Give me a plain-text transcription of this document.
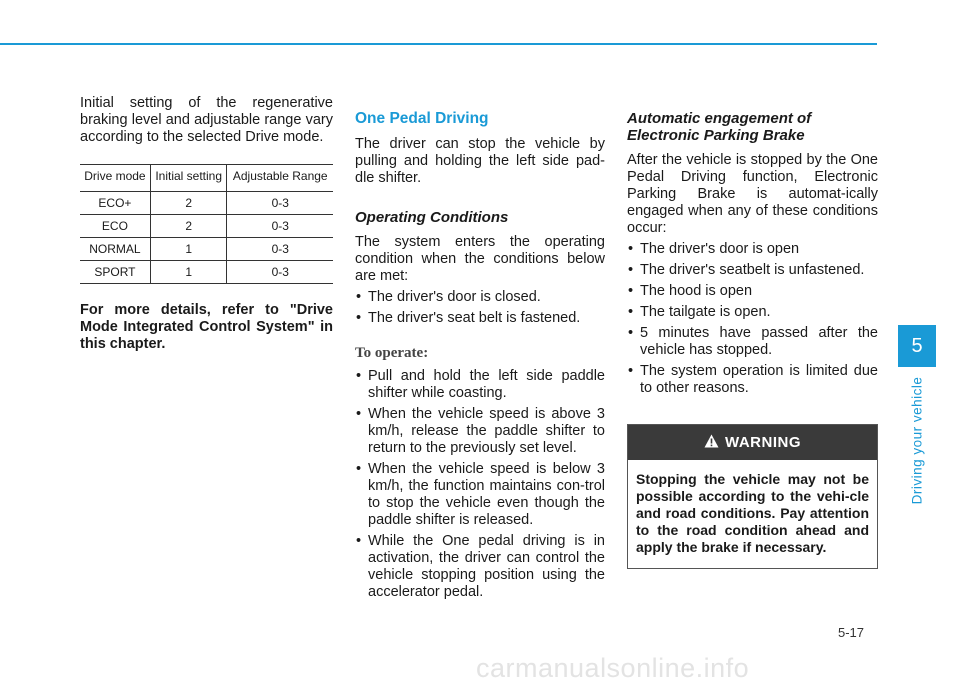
Initial setting of the regenerative braking level and adjustable range vary according to the selected Drive mode.

Drive mode	Initial setting	Adjustable Range
ECO+	2	0-3
ECO	2	0-3
NORMAL	1	0-3
SPORT	1	0-3

For more details, refer to "Drive Mode Integrated Control System" in this chapter.

One Pedal Driving

The driver can stop the vehicle by pulling and holding the left side pad-dle shifter.

Operating Conditions

The system enters the operating condition when the conditions below are met:

• The driver's door is closed.
• The driver's seat belt is fastened.
To operate:
• Pull and hold the left side paddle shifter while coasting.
• When the vehicle speed is above 3 km/h, release the paddle shifter to return to the previously set level.
• When the vehicle speed is below 3 km/h, the function maintains con-trol to stop the vehicle even though the paddle shifter is released.
• While the One pedal driving is in activation, the driver can control the vehicle stopping position using the accelerator pedal.
Automatic engagement of Electronic Parking Brake

After the vehicle is stopped by the One Pedal Driving function, Electronic Parking Brake is automat-ically engaged when any of these conditions occur:

• The driver's door is open
• The driver's seatbelt is unfastened.
• The hood is open
• The tailgate is open.
• 5 minutes have passed after the vehicle has stopped.
• The system operation is limited due to other reasons.
WARNING
Stopping the vehicle may not be possible according to the vehi-cle and road conditions. Pay attention to the road condition ahead and apply the brake if necessary.
5
Driving your vehicle
5-17
carmanualsonline.info
